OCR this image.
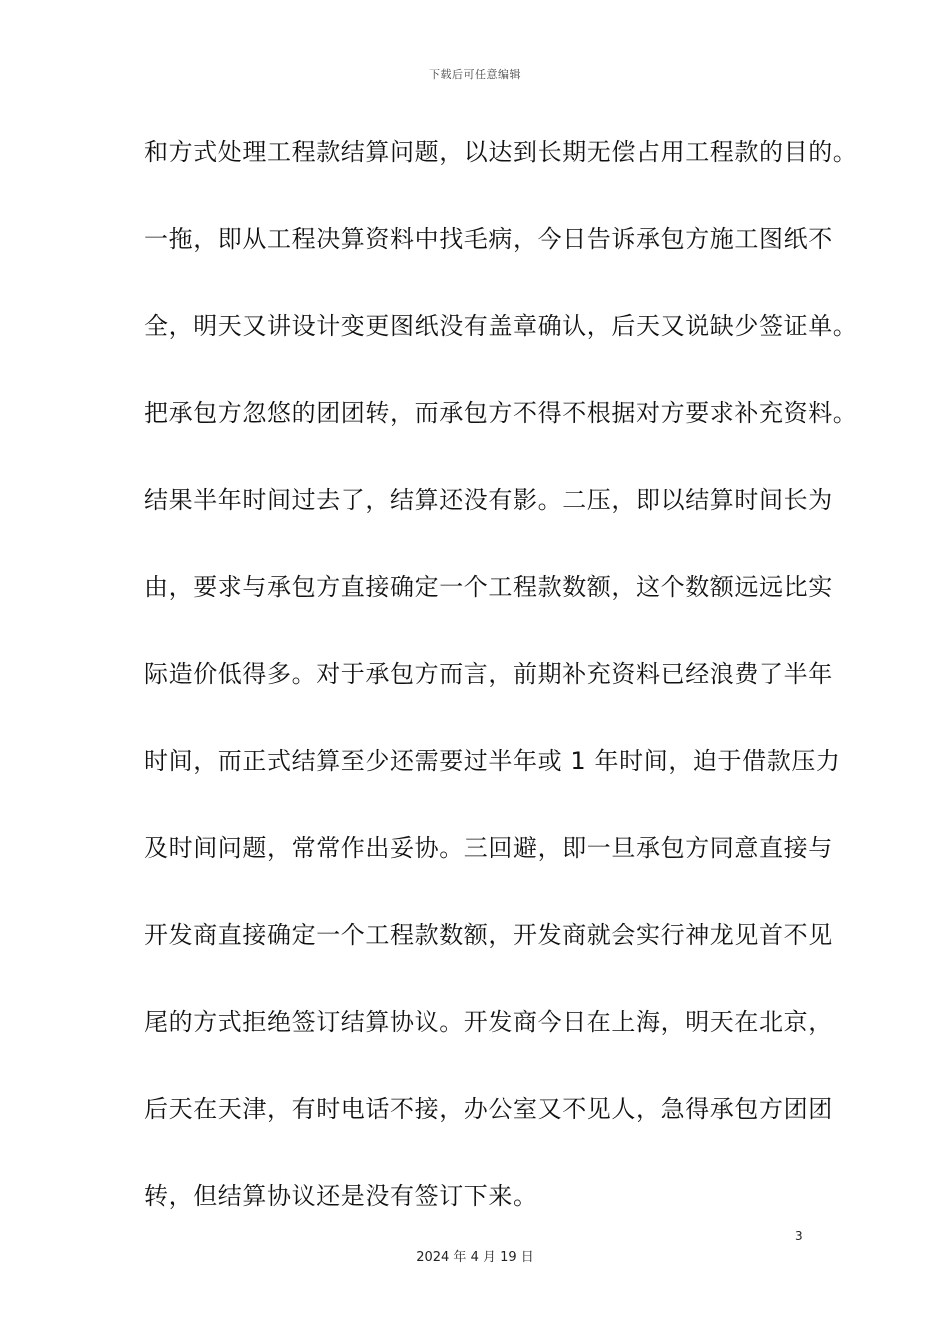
下载后可任意编辑
和方式处理工程款结算问题，以达到长期无偿占用工程款的目的。
一拖，即从工程决算资料中找毛病，今日告诉承包方施工图纸不
全，明天又讲设计变更图纸没有盖章确认，后天又说缺少签证单。
把承包方忽悠的团团转，而承包方不得不根据对方要求补充资料。
结果半年时间过去了，结算还没有影。二压，即以结算时间长为
由，要求与承包方直接确定一个工程款数额，这个数额远远比实
际造价低得多。对于承包方而言，前期补充资料已经浪费了半年
时间，而正式结算至少还需要过半年或 1 年时间，迫于借款压力
及时间问题，常常作出妥协。三回避，即一旦承包方同意直接与
开发商直接确定一个工程款数额，开发商就会实行神龙见首不见
尾的方式拒绝签订结算协议。开发商今日在上海，明天在北京，
后天在天津，有时电话不接，办公室又不见人，急得承包方团团
转，但结算协议还是没有签订下来。
3
2024 年 4 月 19 日
